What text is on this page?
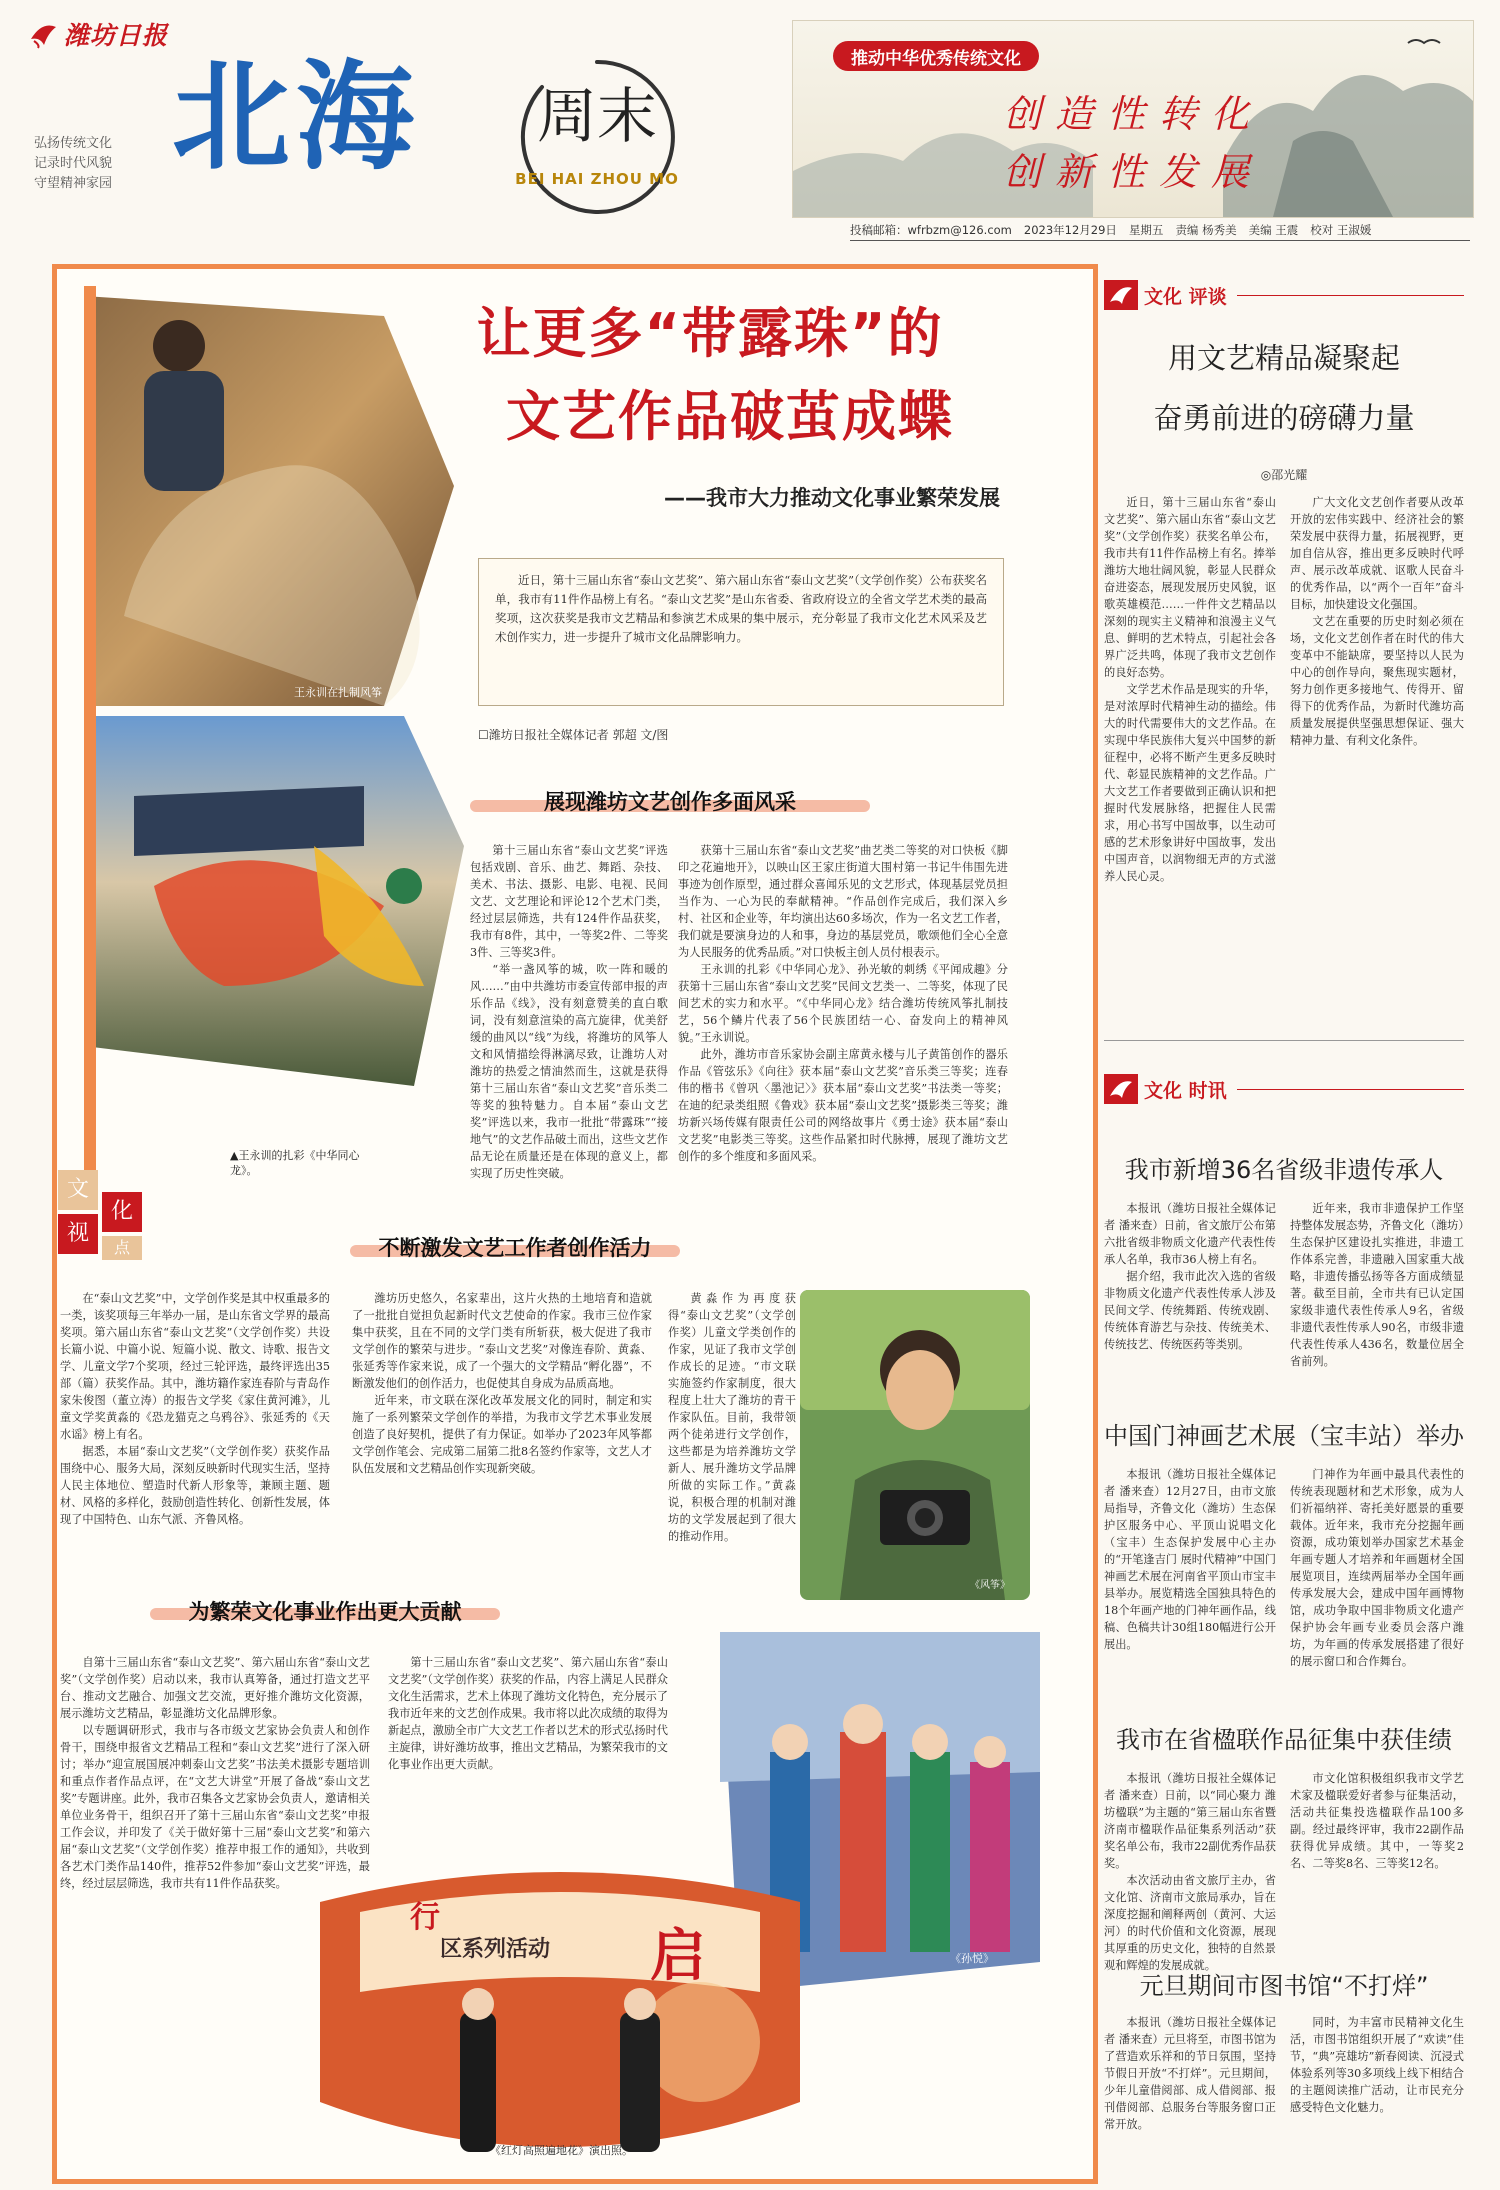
潍坊日报
弘扬传统文化
记录时代风貌
守望精神家园 北海 周末
BEI HAI ZHOU MO
推动中华优秀传统文化
创造性转化
创新性发展
投稿邮箱：wfrbzm@126.com 2023年12月29日 星期五 责编 杨秀美 美编 王震 校对 王淑媛
王永训在扎制风筝
▲王永训的扎彩《中华同心龙》。
文
化
视
点
让更多“带露珠”的
文艺作品破茧成蝶
——我市大力推动文化事业繁荣发展
近日，第十三届山东省“泰山文艺奖”、第六届山东省“泰山文艺奖”（文学创作奖）公布获奖名单，我市有11件作品榜上有名。“泰山文艺奖”是山东省委、省政府设立的全省文学艺术类的最高奖项，这次获奖是我市文艺精品和参演艺术成果的集中展示，充分彰显了我市文化艺术风采及艺术创作实力，进一步提升了城市文化品牌影响力。
☐潍坊日报社全媒体记者 郭超 文/图
展现潍坊文艺创作多面风采

第十三届山东省“泰山文艺奖”评选包括戏剧、音乐、曲艺、舞蹈、杂技、美术、书法、摄影、电影、电视、民间文艺、文艺理论和评论12个艺术门类，经过层层筛选，共有124件作品获奖，我市有8件，其中，一等奖2件、二等奖3件、三等奖3件。

“举一盏风筝的城，吹一阵和暖的风……”由中共潍坊市委宣传部申报的声乐作品《线》，没有刻意赞美的直白歌词，没有刻意渲染的高亢旋律，优美舒缓的曲风以“线”为线，将潍坊的风筝人文和风情描绘得淋漓尽致，让潍坊人对潍坊的热爱之情油然而生，这就是获得第十三届山东省“泰山文艺奖”音乐类二等奖的独特魅力。自本届“泰山文艺奖”评选以来，我市一批批“带露珠”“接地气”的文艺作品破土而出，这些文艺作品无论在质量还是在体现的意义上，都实现了历史性突破。

获第十三届山东省“泰山文艺奖”曲艺类二等奖的对口快板《脚印之花遍地开》，以映山区王家庄街道大围村第一书记牛伟围先进事迹为创作原型，通过群众喜闻乐见的文艺形式，体现基层党员担当作为、一心为民的奉献精神。“作品创作完成后，我们深入乡村、社区和企业等，年均演出达60多场次，作为一名文艺工作者，我们就是要演身边的人和事，身边的基层党员，歌颂他们全心全意为人民服务的优秀品质。”对口快板主创人员付根表示。

王永训的扎彩《中华同心龙》、孙光敏的刺绣《平闻成趣》分获第十三届山东省“泰山文艺奖”民间文艺类一、二等奖，体现了民间艺术的实力和水平。“《中华同心龙》结合潍坊传统风筝扎制技艺，56个鳞片代表了56个民族团结一心、奋发向上的精神风貌。”王永训说。

此外，潍坊市音乐家协会副主席黄永楼与儿子黄笛创作的器乐作品《管弦乐》《向往》获本届“泰山文艺奖”音乐类三等奖；连春伟的楷书《曾巩〈墨池记〉》获本届“泰山文艺奖”书法类一等奖；在迪的纪录类组照《鲁戏》获本届“泰山文艺奖”摄影类三等奖；潍坊新兴场传媒有限责任公司的网络故事片《勇士途》获本届“泰山文艺奖”电影类三等奖。这些作品紧扣时代脉搏，展现了潍坊文艺创作的多个维度和多面风采。

不断激发文艺工作者创作活力

在“泰山文艺奖”中，文学创作奖是其中权重最多的一类，该奖项每三年举办一届，是山东省文学界的最高奖项。第六届山东省“泰山文艺奖”（文学创作奖）共设长篇小说、中篇小说、短篇小说、散文、诗歌、报告文学、儿童文学7个奖项，经过三轮评选，最终评选出35部（篇）获奖作品。其中，潍坊籍作家连春阶与青岛作家朱俊图（董立涛）的报告文学奖《家住黄河滩》，儿童文学奖黄淼的《恐龙猫克之乌鸦谷》、张延秀的《天水谣》榜上有名。

据悉，本届“泰山文艺奖”（文学创作奖）获奖作品围绕中心、服务大局，深刻反映新时代现实生活，坚持人民主体地位、塑造时代新人形象等，兼顾主题、题材、风格的多样化，鼓励创造性转化、创新性发展，体现了中国特色、山东气派、齐鲁风格。

潍坊历史悠久，名家辈出，这片火热的土地培育和造就了一批批自觉担负起新时代文艺使命的作家。我市三位作家集中获奖，且在不同的文学门类有所斩获，极大促进了我市文学创作的繁荣与进步。“泰山文艺奖”对像连春阶、黄淼、张延秀等作家来说，成了一个强大的文学精品“孵化器”，不断激发他们的创作活力，也促使其自身成为品质高地。

近年来，市文联在深化改革发展文化的同时，制定和实施了一系列繁荣文学创作的举措，为我市文学艺术事业发展创造了良好契机，提供了有力保证。如举办了2023年风筝都文学创作笔会、完成第二届第二批8名签约作家等，文艺人才队伍发展和文艺精品创作实现新突破。

黄淼作为再度获得“泰山文艺奖”（文学创作奖）儿童文学类创作的作家，见证了我市文学创作成长的足迹。“市文联实施签约作家制度，很大程度上壮大了潍坊的青干作家队伍。目前，我带领两个徒弟进行文学创作，这些都是为培养潍坊文学新人、展升潍坊文学品牌所做的实际工作。”黄淼说，积极合理的机制对潍坊的文学发展起到了很大的推动作用。

《风筝》
为繁荣文化事业作出更大贡献

自第十三届山东省“泰山文艺奖”、第六届山东省“泰山文艺奖”（文学创作奖）启动以来，我市认真筹备，通过打造文艺平台、推动文艺融合、加强文艺交流，更好推介潍坊文化资源，展示潍坊文艺精品，彰显潍坊文化品牌形象。

以专题调研形式，我市与各市级文艺家协会负责人和创作骨干，围绕申报省文艺精品工程和“泰山文艺奖”进行了深入研讨；举办“迎宣展国展冲刺泰山文艺奖”书法美术摄影专题培训和重点作者作品点评，在“文艺大讲堂”开展了备战“泰山文艺奖”专题讲座。此外，我市召集各文艺家协会负责人，邀请相关单位业务骨干，组织召开了第十三届山东省“泰山文艺奖”申报工作会议，并印发了《关于做好第十三届“泰山文艺奖”和第六届“泰山文艺奖”（文学创作奖）推荐申报工作的通知》，共收到各艺术门类作品140件，推荐52件参加“泰山文艺奖”评选，最终，经过层层筛选，我市共有11件作品获奖。

第十三届山东省“泰山文艺奖”、第六届山东省“泰山文艺奖”（文学创作奖）获奖的作品，内容上满足人民群众文化生活需求，艺术上体现了潍坊文化特色，充分展示了我市近年来的文艺创作成果。我市将以此次成绩的取得为新起点，激励全市广大文艺工作者以艺术的形式弘扬时代主旋律，讲好潍坊故事，推出文艺精品，为繁荣我市的文化事业作出更大贡献。

《孙悦》
区系列活动
行
启
《红灯高照遍地花》演出照。
文化 评谈
用文艺精品凝聚起
奋勇前进的磅礴力量
◎邵光耀

近日，第十三届山东省“泰山文艺奖”、第六届山东省“泰山文艺奖”（文学创作奖）获奖名单公布，我市共有11件作品榜上有名。捧举潍坊大地壮阔风貌，彰显人民群众奋进姿态，展现发展历史风貌，讴歌英雄模范……一件件文艺精品以深刻的现实主义精神和浪漫主义气息、鲜明的艺术特点，引起社会各界广泛共鸣，体现了我市文艺创作的良好态势。

文学艺术作品是现实的升华，是对浓厚时代精神生动的描绘。伟大的时代需要伟大的文艺作品。在实现中华民族伟大复兴中国梦的新征程中，必将不断产生更多反映时代、彰显民族精神的文艺作品。广大文艺工作者要做到正确认识和把握时代发展脉络，把握住人民需求，用心书写中国故事，以生动可感的艺术形象讲好中国故事，发出中国声音，以润物细无声的方式滋养人民心灵。

广大文化文艺创作者要从改革开放的宏伟实践中、经济社会的繁荣发展中获得力量，拓展视野，更加自信从容，推出更多反映时代呼声、展示改革成就、讴歌人民奋斗的优秀作品，以“两个一百年”奋斗目标，加快建设文化强国。

文艺在重要的历史时刻必须在场，文化文艺创作者在时代的伟大变革中不能缺席，要坚持以人民为中心的创作导向，聚焦现实题材，努力创作更多接地气、传得开、留得下的优秀作品，为新时代潍坊高质量发展提供坚强思想保证、强大精神力量、有利文化条件。

文化 时讯
我市新增36名省级非遗传承人

本报讯（潍坊日报社全媒体记者 潘来查）日前，省文旅厅公布第六批省级非物质文化遗产代表性传承人名单，我市36人榜上有名。

据介绍，我市此次入选的省级非物质文化遗产代表性传承人涉及民间文学、传统舞蹈、传统戏剧、传统体育游艺与杂技、传统美术、传统技艺、传统医药等类别。

近年来，我市非遗保护工作坚持整体发展态势，齐鲁文化（潍坊）生态保护区建设扎实推进，非遗工作体系完善，非遗融入国家重大战略，非遗传播弘扬等各方面成绩显著。截至目前，全市共有已认定国家级非遗代表性传承人9名，省级非遗代表性传承人90名，市级非遗代表性传承人436名，数量位居全省前列。

中国门神画艺术展（宝丰站）举办

本报讯（潍坊日报社全媒体记者 潘来查）12月27日，由市文旅局指导，齐鲁文化（潍坊）生态保护区服务中心、平顶山说唱文化（宝丰）生态保护发展中心主办的“开笔逢吉门 展时代精神”中国门神画艺术展在河南省平顶山市宝丰县举办。展览精选全国独具特色的18个年画产地的门神年画作品，线稿、色稿共计30组180幅进行公开展出。

门神作为年画中最具代表性的传统表现题材和艺术形象，成为人们祈福纳祥、寄托美好愿景的重要载体。近年来，我市充分挖掘年画资源，成功策划举办国家艺术基金年画专题人才培养和年画题材全国展览项目，连续两届举办全国年画传承发展大会，建成中国年画博物馆，成功争取中国非物质文化遗产保护协会年画专业委员会落户潍坊，为年画的传承发展搭建了很好的展示窗口和合作舞台。

我市在省楹联作品征集中获佳绩

本报讯（潍坊日报社全媒体记者 潘来查）日前，以“同心聚力 潍坊楹联”为主题的“第三届山东省暨济南市楹联作品征集系列活动”获奖名单公布，我市22副优秀作品获奖。

本次活动由省文旅厅主办，省文化馆、济南市文旅局承办，旨在深度挖掘和阐释两创（黄河、大运河）的时代价值和文化资源，展现其厚重的历史文化，独特的自然景观和辉煌的发展成就。

市文化馆积极组织我市文学艺术家及楹联爱好者参与征集活动，活动共征集投选楹联作品100多副。经过最终评审，我市22副作品获得优异成绩。其中，一等奖2名、二等奖8名、三等奖12名。

元旦期间市图书馆“不打烊”

本报讯（潍坊日报社全媒体记者 潘来查）元旦将至，市图书馆为了营造欢乐祥和的节日氛围，坚持节假日开放“不打烊”。元旦期间，少年儿童借阅部、成人借阅部、报刊借阅部、总服务台等服务窗口正常开放。

同时，为丰富市民精神文化生活，市图书馆组织开展了“欢读”佳节，“典”亮雄坊”新春阅读、沉浸式体验系列等30多项线上线下相结合的主题阅读推广活动，让市民充分感受特色文化魅力。
